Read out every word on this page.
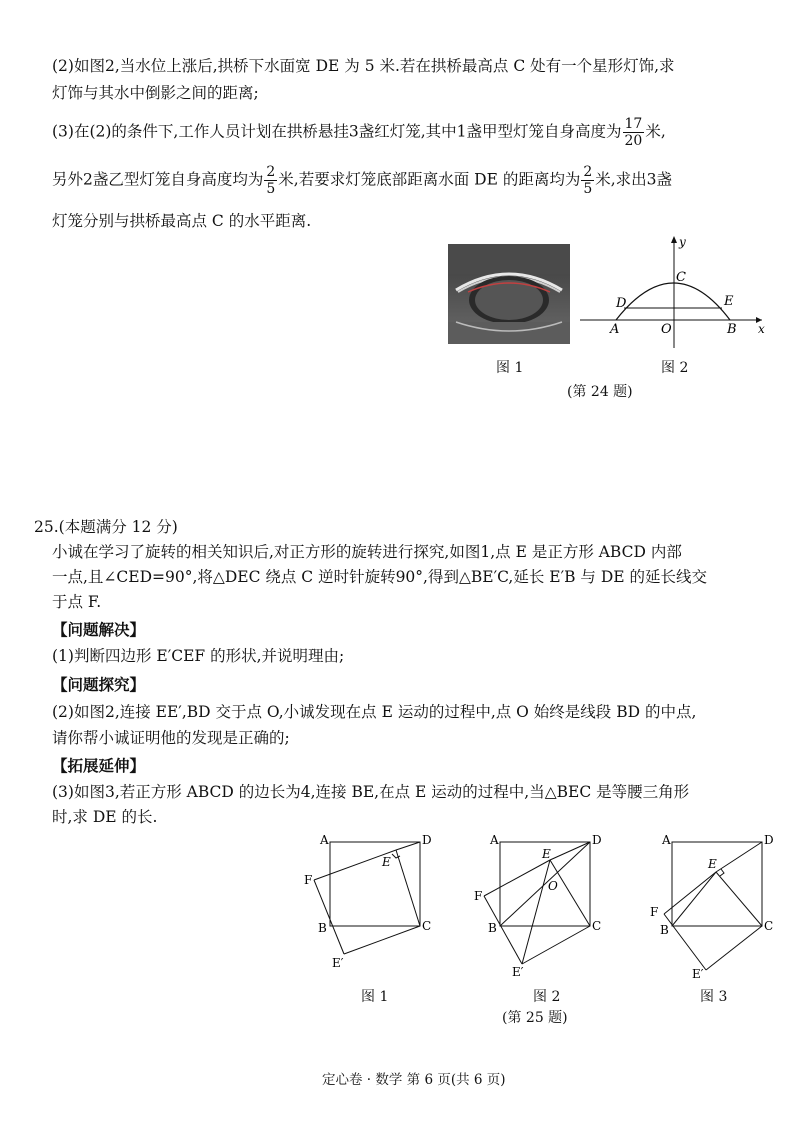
(2)如图2,当水位上涨后,拱桥下水面宽 DE 为 5 米.若在拱桥最高点 C 处有一个星形灯饰,求
灯饰与其水中倒影之间的距离;
(3)在(2)的条件下,工作人员计划在拱桥悬挂3盏红灯笼,其中1盏甲型灯笼自身高度为 $\frac{17}{20}$ 米,
另外2盏乙型灯笼自身高度均为 $\frac{2}{5}$ 米,若要求灯笼底部距离水面 DE 的距离均为 $\frac{2}{5}$ 米,求出3盏
灯笼分别与拱桥最高点 C 的水平距离.
图 1
y
x
C
D	E
A	O	B
图 2
(第 24 题)
25.(本题满分 12 分)
小诚在学习了旋转的相关知识后,对正方形的旋转进行探究,如图1,点 E 是正方形 ABCD 内部
一点,且∠CED=90°,将△DEC 绕点 C 逆时针旋转90°,得到△BE′C,延长 E′B 与 DE 的延长线交
于点 F.
【问题解决】
(1)判断四边形 E′CEF 的形状,并说明理由;
【问题探究】
(2)如图2,连接 EE′,BD 交于点 O,小诚发现在点 E 运动的过程中,点 O 始终是线段 BD 的中点,
请你帮小诚证明他的发现是正确的;
【拓展延伸】
(3)如图3,若正方形 ABCD 的边长为4,连接 BE,在点 E 运动的过程中,当△BEC 是等腰三角形
时,求 DE 的长.
A	D
E
F
B	C
E′
图 1
A	D
E
O
F
B	C
E′
图 2
A	D
E
F
B	C
E′
图 3
(第 25 题)
定心卷 · 数学 第 6 页(共 6 页)
